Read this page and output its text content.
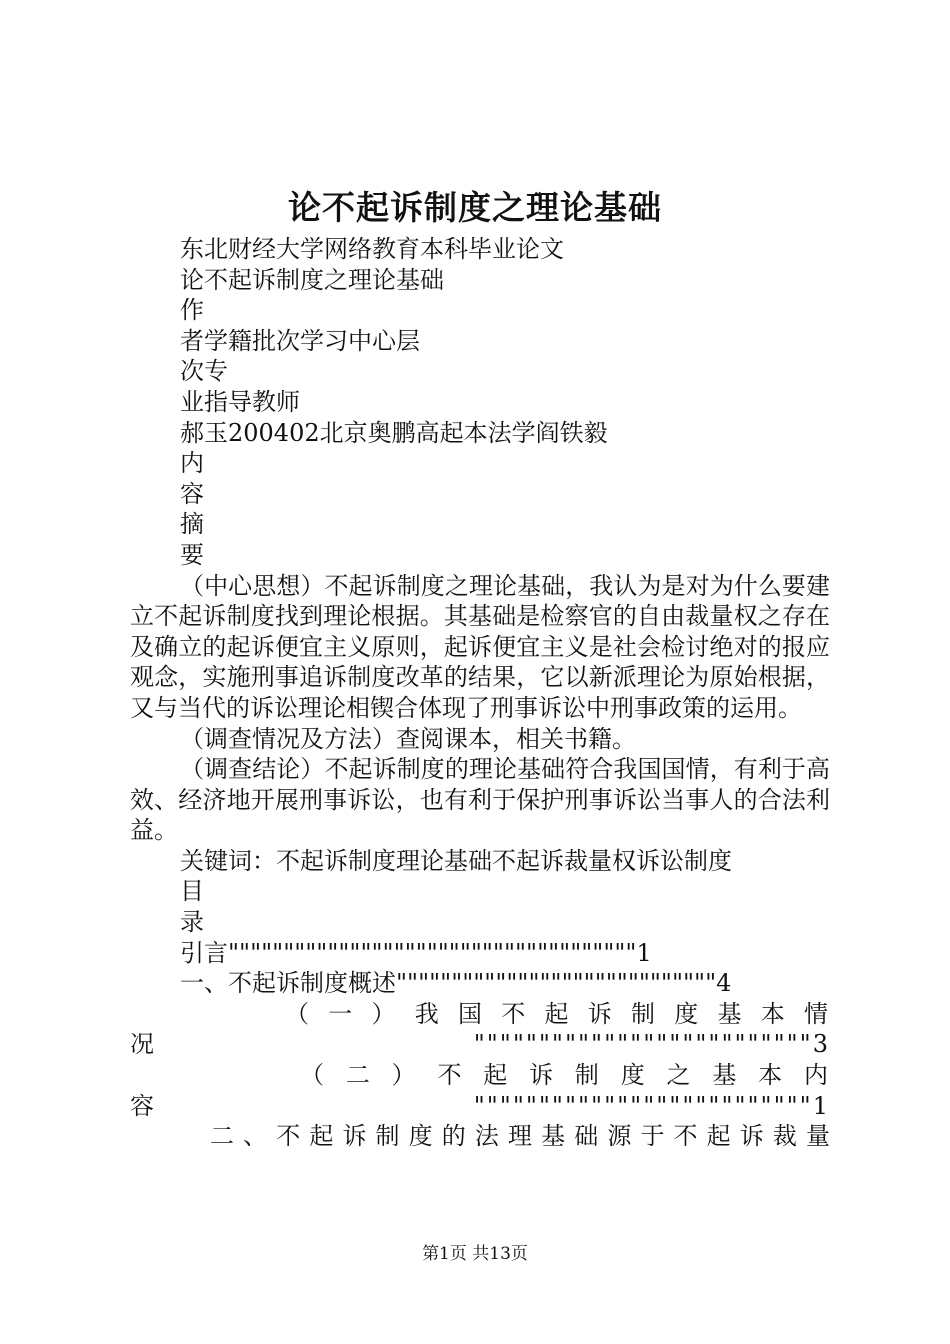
论不起诉制度之理论基础
东北财经大学网络教育本科毕业论文
论不起诉制度之理论基础
作
者学籍批次学习中心层
次专
业指导教师
郝玉200402北京奥鹏高起本法学阎铁毅
内
容
摘
要
（中心思想）不起诉制度之理论基础，我认为是对为什么要建立不起诉制度找到理论根据。其基础是检察官的自由裁量权之存在及确立的起诉便宜主义原则，起诉便宜主义是社会检讨绝对的报应观念，实施刑事追诉制度改革的结果，它以新派理论为原始根据，又与当代的诉讼理论相锲合体现了刑事诉讼中刑事政策的运用。
（调查情况及方法）查阅课本，相关书籍。
（调查结论）不起诉制度的理论基础符合我国国情，有利于高效、经济地开展刑事诉讼，也有利于保护刑事诉讼当事人的合法利益。
关键词：不起诉制度理论基础不起诉裁量权诉讼制度
目
录
引言"""""""""""""""""""""""""""""""""""""1
一、不起诉制度概述"""""""""""""""""""""""""""""4
（一）我国不起诉制度基本情况""""""""""""""""""""""""""3
（二）不起诉制度之基本内容""""""""""""""""""""""""""1
二、不起诉制度的法理基础源于不起诉裁量
第1页 共13页
